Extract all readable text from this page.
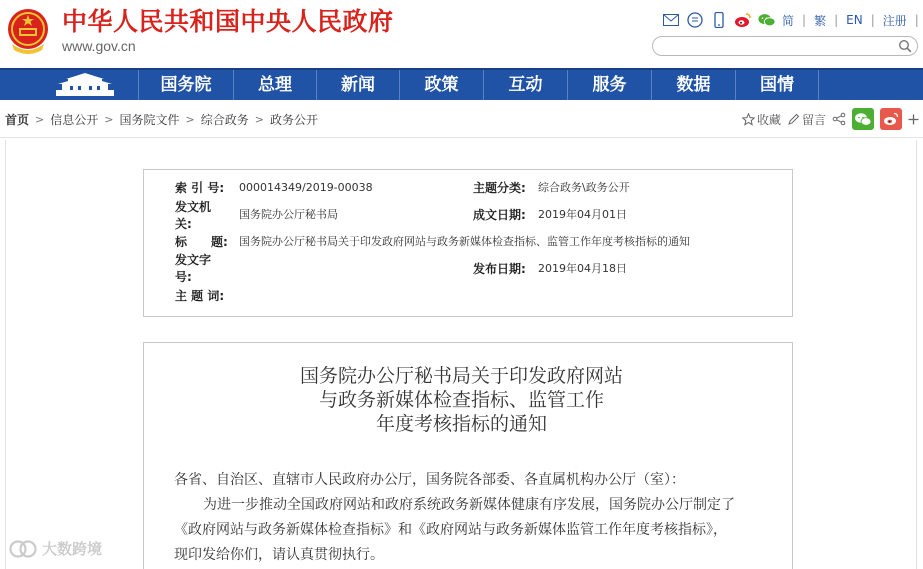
中华人民共和国中央人民政府
www.gov.cn
简 | 繁 | EN | 注册 |
国务院	总理	新闻	政策	互动	服务	数据	国情
首页 > 信息公开 > 国务院文件 > 综合政务 > 政务公开	收藏 留言
索 引 号: 000014349/2019-00038	主题分类: 综合政务\政务公开
发文机
关:
国务院办公厅秘书局	成文日期: 2019年04月01日
标　　题: 国务院办公厅秘书局关于印发政府网站与政务新媒体检查指标、监管工作年度考核指标的通知
发文字
号:
发布日期: 2019年04月18日
主 题 词:
国务院办公厅秘书局关于印发政府网站
与政务新媒体检查指标、监管工作
年度考核指标的通知
各省、自治区、直辖市人民政府办公厅，国务院各部委、各直属机构办公厅（室）：
为进一步推动全国政府网站和政府系统政务新媒体健康有序发展，国务院办公厅制定了
《政府网站与政务新媒体检查指标》和《政府网站与政务新媒体监管工作年度考核指标》，
现印发给你们，请认真贯彻执行。
大数跨境
